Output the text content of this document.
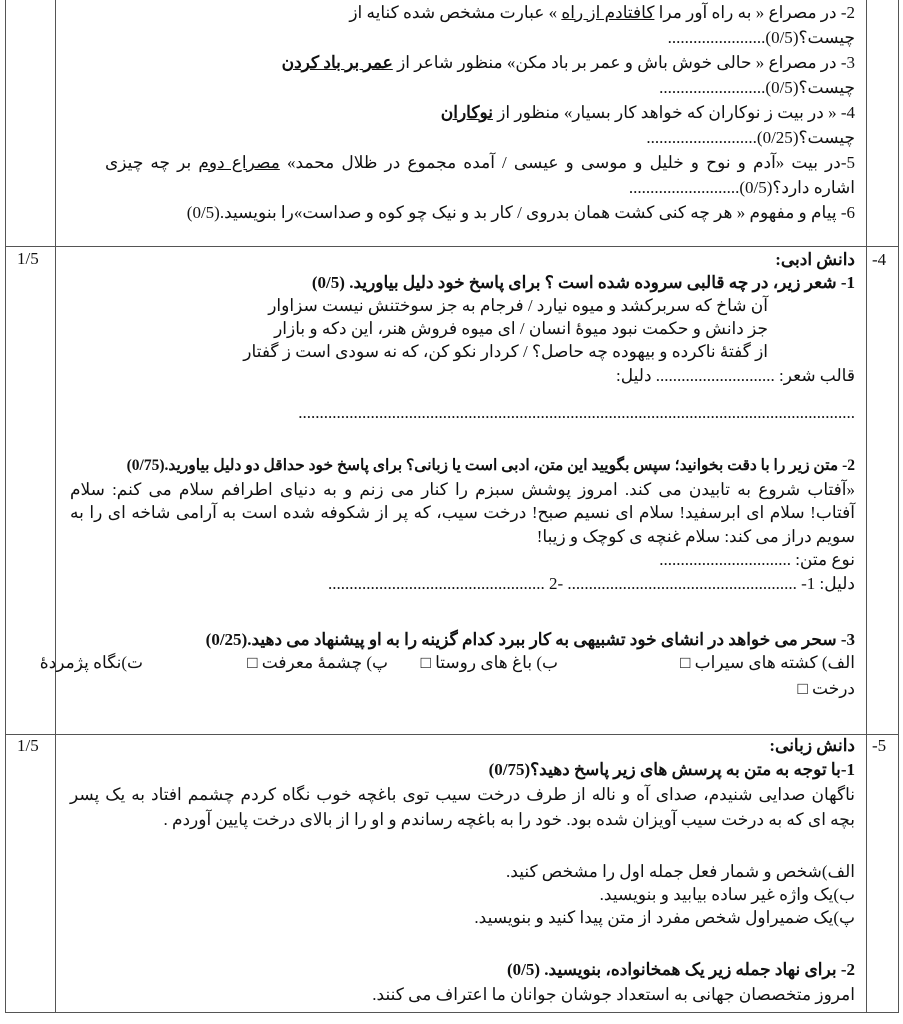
2- در مصراع « به راه آور مرا کافتادم از راه » عبارت مشخص شده کنایه از
چیست؟(0/5).......................
3- در مصراع « حالی خوش باش و عمر بر باد مکن» منظور شاعر از عمر بر باد کردن
چیست؟(0/5).........................
4- « در بیت ز نوکاران که خواهد کار بسیار» منظور از نوکاران
چیست؟(0/25)..........................
5-در بیت «آدم و نوح و خلیل و موسی و عیسی / آمده مجموع در ظلال محمد» مصراع دوم بر چه چیزی
اشاره دارد؟(0/5)..........................
6- پیام و مفهوم « هر چه کنی کشت همان بدروی / کار بد و نیک چو کوه و صداست»را بنویسید.(0/5)
-4
1/5	دانش ادبی:
1- شعر زیر، در چه قالبی سروده شده است ؟ برای پاسخ خود دلیل بیاورید. (0/5)
آن شاخ که سربرکشد و میوه نیارد / فرجام به جز سوختنش نیست سزاوار
جز دانش و حکمت نبود میوهٔ انسان / ای میوه فروش هنر، این دکه و بازار
از گفتهٔ ناکرده و بیهوده چه حاصل؟ / کردار نکو کن، که نه سودی است ز گفتار
قالب شعر: ............................ دلیل:
...................................................................................................................................
2- متن زیر را با دقت بخوانید؛ سپس بگویید این متن، ادبی است یا زبانی؟ برای پاسخ خود حداقل دو دلیل بیاورید.(0/75)
«آفتاب شروع به تابیدن می کند. امروز پوشش سبزم را کنار می زنم و به دنیای اطرافم سلام می کنم: سلام
آفتاب! سلام ای ابرسفید! سلام ای نسیم صبح! درخت سیب، که پر از شکوفه شده است به آرامی شاخه ای را به
سویم دراز می کند: سلام غنچه ی کوچک و زیبا!
نوع متن: ...............................
دلیل: 1- ...................................................... -2 ...................................................
3- سحر می خواهد در انشای خود تشبیهی به کار ببرد کدام گزینه را به او پیشنهاد می دهید.(0/25)
الف) کشته های سیراب □
ب) باغ های روستا □
پ) چشمهٔ معرفت □
ت)نگاه پژمردهٔ
درخت □
-5
1/5	دانش زبانی:
1-با توجه به متن به پرسش های زیر پاسخ دهید؟(0/75)
ناگهان صدایی شنیدم، صدای آه و ناله از طرف درخت سیب توی باغچه خوب نگاه کردم چشمم افتاد به یک پسر
بچه ای که به درخت سیب آویزان شده بود. خود را به باغچه رساندم و او را از بالای درخت پایین آوردم .
الف)شخص و شمار فعل جمله اول را مشخص کنید.
ب)یک واژه غیر ساده بیابید و بنویسید.
پ)یک ضمیراول شخص مفرد از متن پیدا کنید و بنویسید.
2- برای نهاد جمله زیر یک همخانواده، بنویسید. (0/5)
امروز متخصصان جهانی به استعداد جوشان جوانان ما اعتراف می کنند.
